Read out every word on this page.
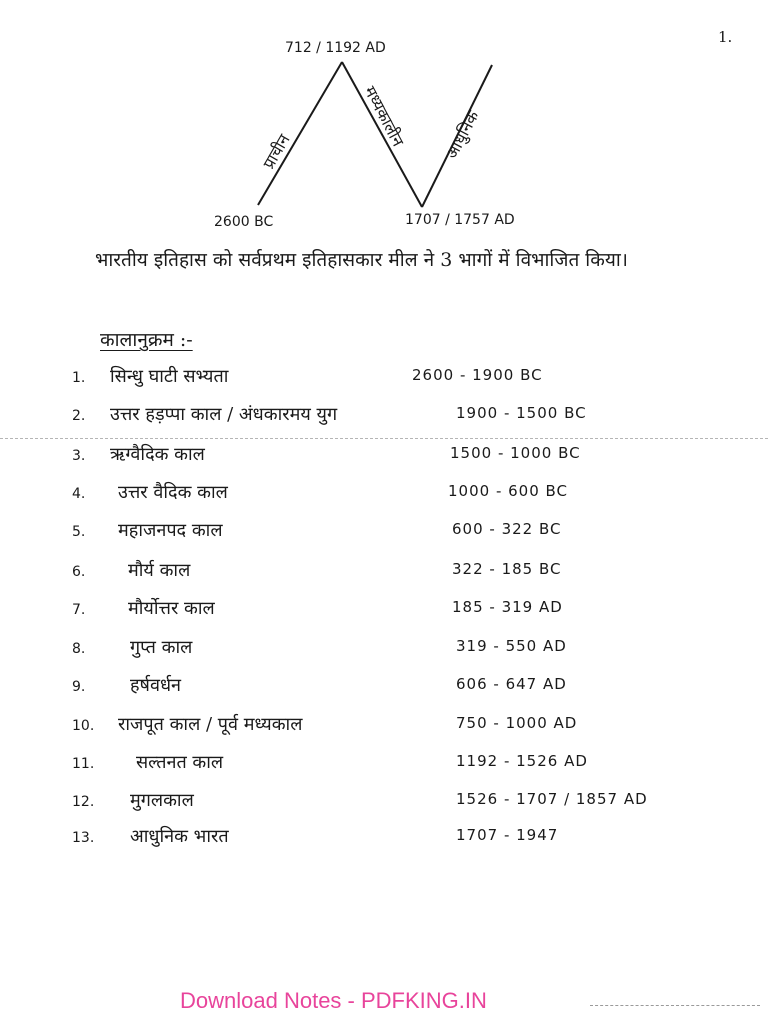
1.
712 / 1192 AD
2600 BC	1707 / 1757 AD
प्राचीन
मध्यकालीन आधुनिक
भारतीय इतिहास को सर्वप्रथम इतिहासकार मील ने 3 भागों में विभाजित किया।
कालानुक्रम :-
1. सिन्धु घाटी सभ्यता	2600 - 1900 BC
2. उत्तर हड़प्पा काल / अंधकारमय युग	1900 - 1500 BC
3. ऋग्वैदिक काल	1500 - 1000 BC
4. उत्तर वैदिक काल	1000 - 600 BC
5. महाजनपद काल	600 - 322 BC
6. मौर्य काल	322 - 185 BC
7. मौर्योत्तर काल	185 - 319 AD
8. गुप्त काल	319 - 550 AD
9. हर्षवर्धन	606 - 647 AD
10. राजपूत काल / पूर्व मध्यकाल	750 - 1000 AD
11. सल्तनत काल	1192 - 1526 AD
12. मुगलकाल	1526 - 1707 / 1857 AD
13. आधुनिक भारत	1707 - 1947
Download Notes - PDFKING.IN
